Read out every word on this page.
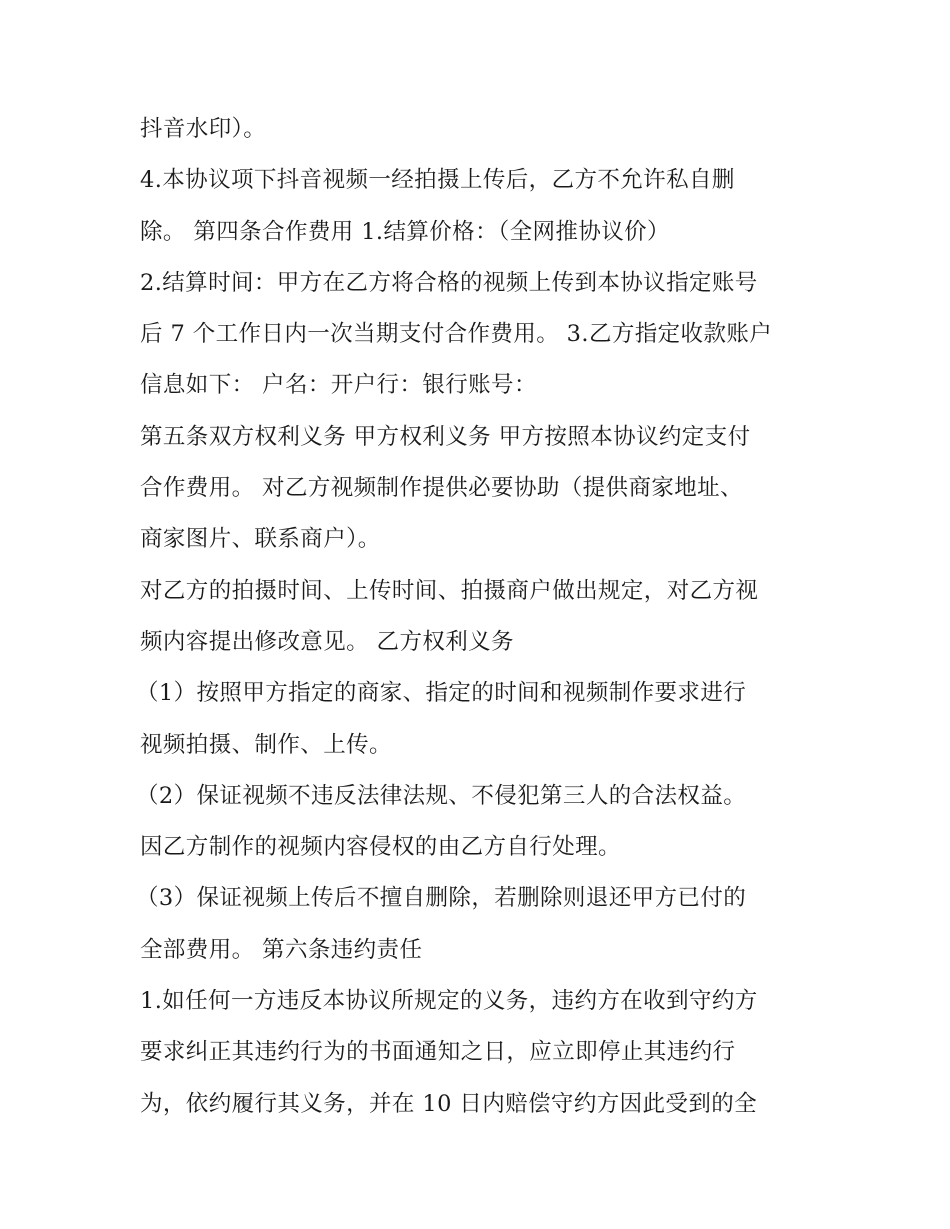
抖音水印）。
4.本协议项下抖音视频一经拍摄上传后，乙方不允许私自删
除。 第四条合作费用 1.结算价格：（全网推协议价）
2.结算时间：甲方在乙方将合格的视频上传到本协议指定账号
后 7 个工作日内一次当期支付合作费用。 3.乙方指定收款账户
信息如下： 户名：开户行：银行账号：
第五条双方权利义务 甲方权利义务 甲方按照本协议约定支付
合作费用。 对乙方视频制作提供必要协助（提供商家地址、
商家图片、联系商户）。
对乙方的拍摄时间、上传时间、拍摄商户做出规定，对乙方视
频内容提出修改意见。 乙方权利义务
（1）按照甲方指定的商家、指定的时间和视频制作要求进行
视频拍摄、制作、上传。
（2）保证视频不违反法律法规、不侵犯第三人的合法权益。
因乙方制作的视频内容侵权的由乙方自行处理。
（3）保证视频上传后不擅自删除，若删除则退还甲方已付的
全部费用。 第六条违约责任
1.如任何一方违反本协议所规定的义务，违约方在收到守约方
要求纠正其违约行为的书面通知之日，应立即停止其违约行
为，依约履行其义务，并在 10 日内赔偿守约方因此受到的全
